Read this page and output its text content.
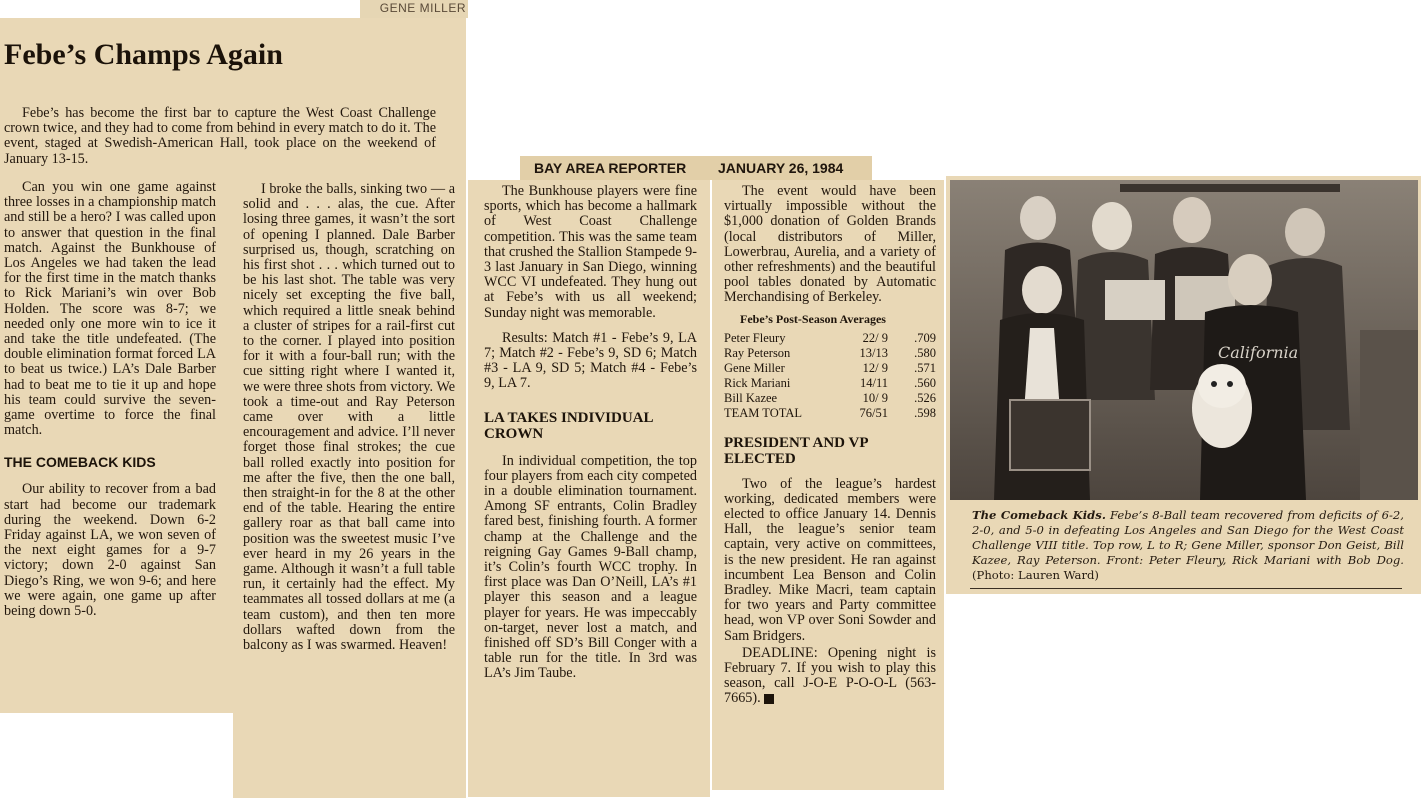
GENE MILLER
Febe’s Champs Again

Febe’s has become the first bar to capture the West Coast Challenge crown twice, and they had to come from behind in every match to do it. The event, staged at Swedish-American Hall, took place on the weekend of January 13-15.

Can you win one game against three losses in a championship match and still be a hero? I was called upon to answer that question in the final match. Against the Bunkhouse of Los Angeles we had taken the lead for the first time in the match thanks to Rick Mariani’s win over Bob Holden. The score was 8-7; we needed only one more win to ice it and take the title undefeated. (The double elimination format forced LA to beat us twice.) LA’s Dale Barber had to beat me to tie it up and hope his team could survive the seven-game overtime to force the final match.

THE COMEBACK KIDS

Our ability to recover from a bad start had become our trademark during the weekend. Down 6-2 Friday against LA, we won seven of the next eight games for a 9-7 victory; down 2-0 against San Diego’s Ring, we won 9-6; and here we were again, one game up after being down 5-0.

I broke the balls, sinking two — a solid and . . . alas, the cue. After losing three games, it wasn’t the sort of opening I planned. Dale Barber surprised us, though, scratching on his first shot . . . which turned out to be his last shot. The table was very nicely set excepting the five ball, which required a little sneak behind a cluster of stripes for a rail-first cut to the corner. I played into position for it with a four-ball run; with the cue sitting right where I wanted it, we were three shots from victory. We took a time-out and Ray Peterson came over with a little encouragement and advice. I’ll never forget those final strokes; the cue ball rolled exactly into position for me after the five, then the one ball, then straight-in for the 8 at the other end of the table. Hearing the entire gallery roar as that ball came into position was the sweetest music I’ve ever heard in my 26 years in the game. Although it wasn’t a full table run, it certainly had the effect. My teammates all tossed dollars at me (a team custom), and then ten more dollars wafted down from the balcony as I was swarmed. Heaven!

BAY AREA REPORTER JANUARY 26, 1984

The Bunkhouse players were fine sports, which has become a hallmark of West Coast Challenge competition. This was the same team that crushed the Stallion Stampede 9-3 last January in San Diego, winning WCC VI undefeated. They hung out at Febe’s with us all weekend; Sunday night was memorable.

Results: Match #1 - Febe’s 9, LA 7; Match #2 - Febe’s 9, SD 6; Match #3 - LA 9, SD 5; Match #4 - Febe’s 9, LA 7.

LA TAKES INDIVIDUAL CROWN

In individual competition, the top four players from each city competed in a double elimination tournament. Among SF entrants, Colin Bradley fared best, finishing fourth. A former champ at the Challenge and the reigning Gay Games 9-Ball champ, it’s Colin’s fourth WCC trophy. In first place was Dan O’Neill, LA’s #1 player this season and a league player for years. He was impeccably on-target, never lost a match, and finished off SD’s Bill Conger with a table run for the title. In 3rd was LA’s Jim Taube.

The event would have been virtually impossible without the $1,000 donation of Golden Brands (local distributors of Miller, Lowerbrau, Aurelia, and a variety of other refreshments) and the beautiful pool tables donated by Automatic Merchandising of Berkeley.

Febe’s Post-Season Averages

Peter Fleury	22/ 9	.709
Ray Peterson	13/13	.580
Gene Miller	12/ 9	.571
Rick Mariani	14/11	.560
Bill Kazee	10/ 9	.526
TEAM TOTAL	76/51	.598

PRESIDENT AND VP ELECTED

Two of the league’s hardest working, dedicated members were elected to office January 14. Dennis Hall, the league’s senior team captain, very active on committees, is the new president. He ran against incumbent Lea Benson and Colin Bradley. Mike Macri, team captain for two years and Party committee head, won VP over Soni Sowder and Sam Bridgers.

DEADLINE: Opening night is February 7. If you wish to play this season, call J-O-E P-O-O-L (563-7665).

California

The Comeback Kids. Febe’s 8-Ball team recovered from deficits of 6-2, 2-0, and 5-0 in defeating Los Angeles and San Diego for the West Coast Challenge VIII title. Top row, L to R; Gene Miller, sponsor Don Geist, Bill Kazee, Ray Peterson. Front: Peter Fleury, Rick Mariani with Bob Dog. (Photo: Lauren Ward)
